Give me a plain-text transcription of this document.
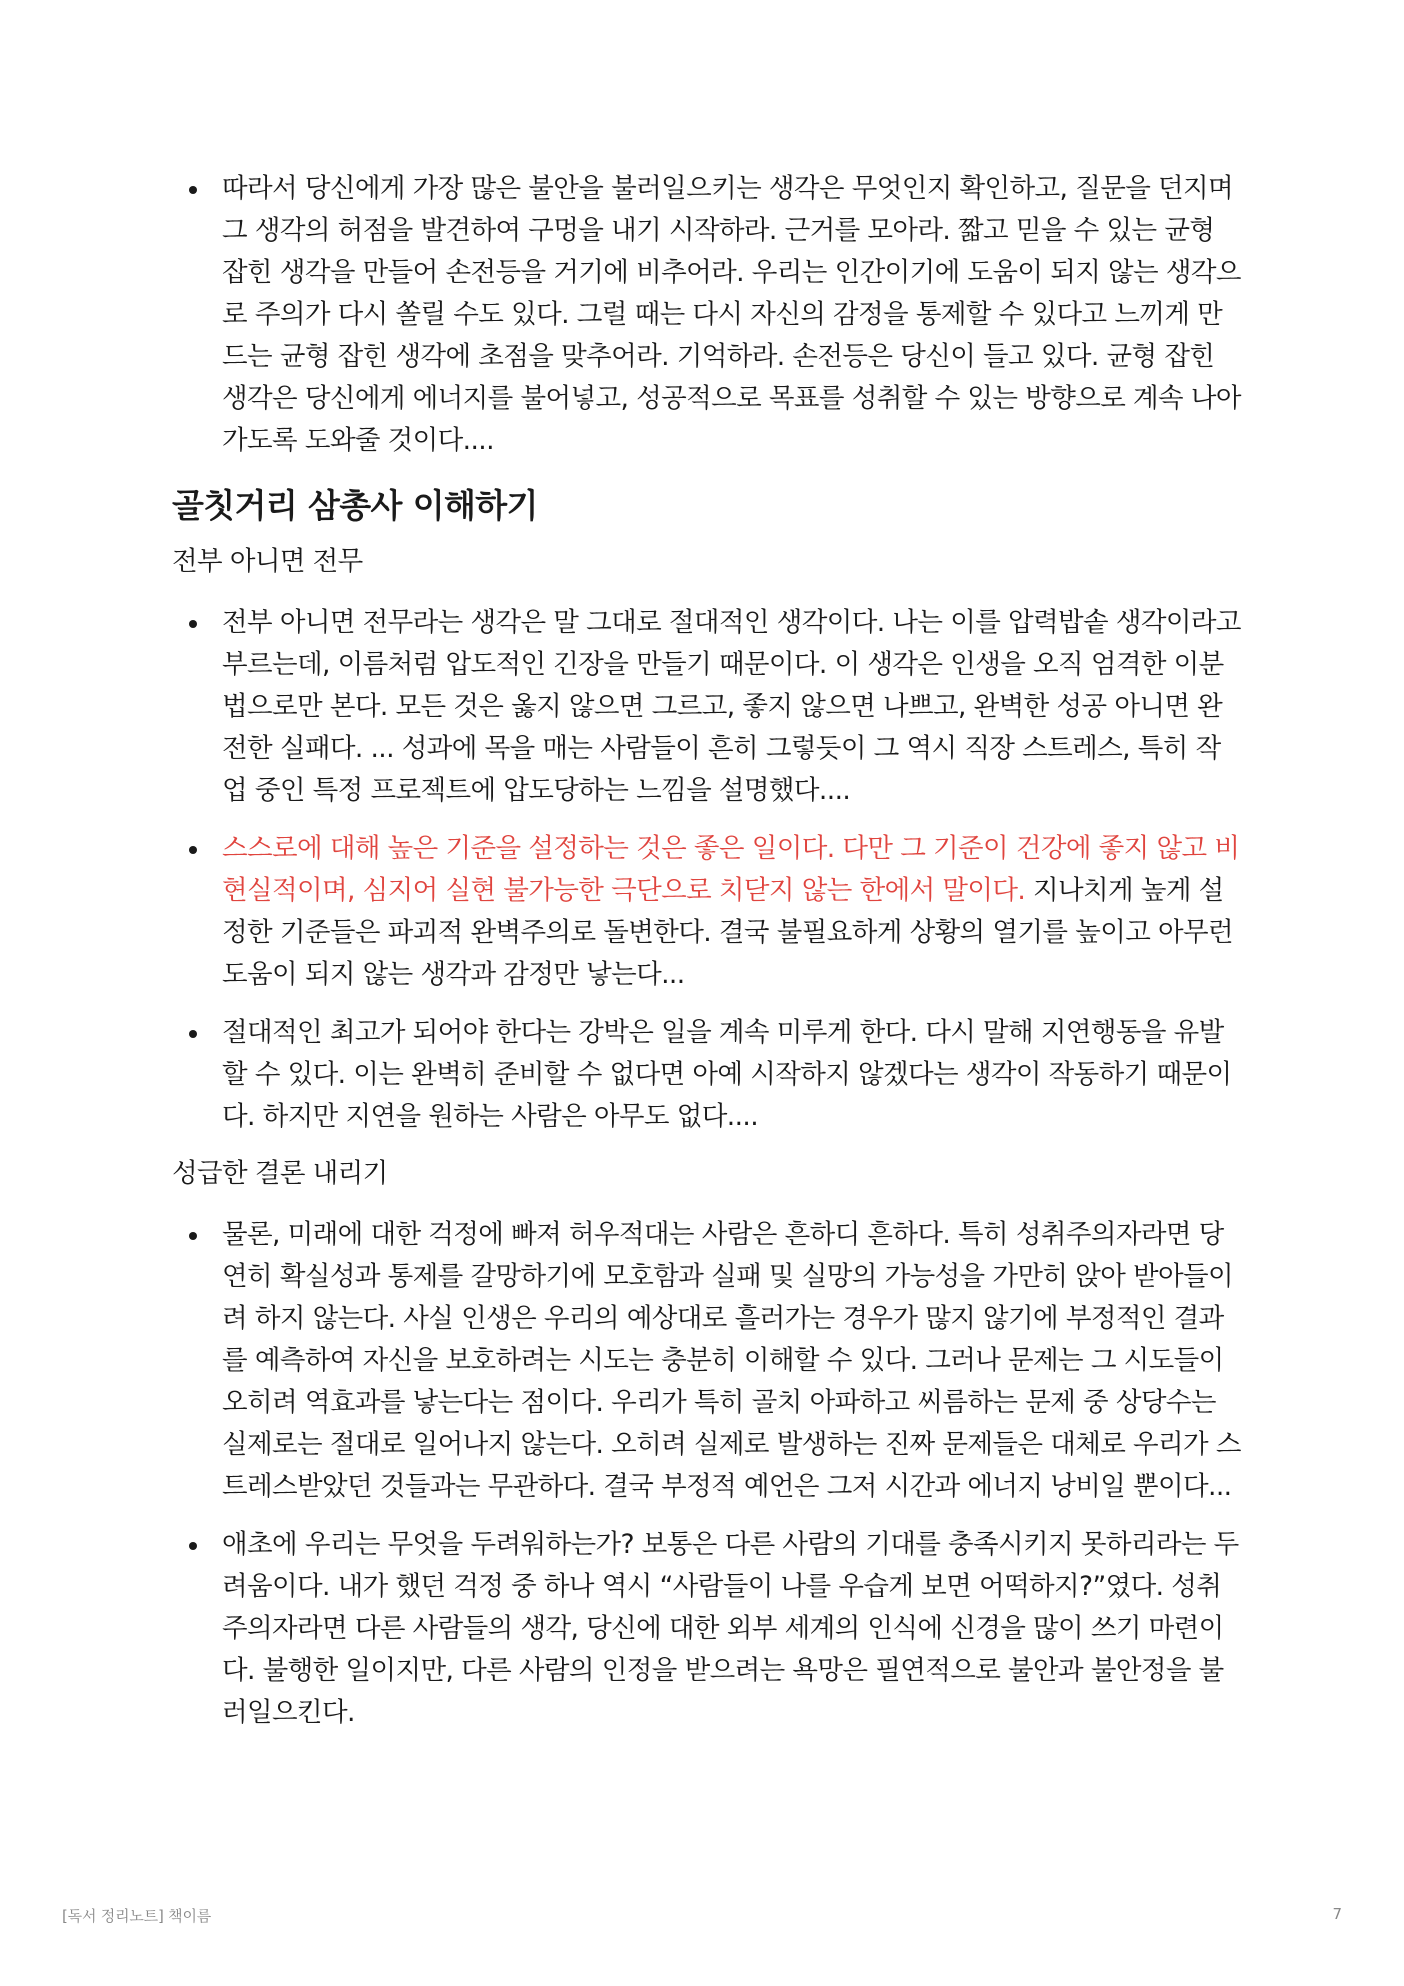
따라서 당신에게 가장 많은 불안을 불러일으키는 생각은 무엇인지 확인하고, 질문을 던지며 그 생각의 허점을 발견하여 구멍을 내기 시작하라. 근거를 모아라. 짧고 믿을 수 있는 균형 잡힌 생각을 만들어 손전등을 거기에 비추어라. 우리는 인간이기에 도움이 되지 않는 생각으로 주의가 다시 쏠릴 수도 있다. 그럴 때는 다시 자신의 감정을 통제할 수 있다고 느끼게 만드는 균형 잡힌 생각에 초점을 맞추어라. 기억하라. 손전등은 당신이 들고 있다. 균형 잡힌 생각은 당신에게 에너지를 불어넣고, 성공적으로 목표를 성취할 수 있는 방향으로 계속 나아가도록 도와줄 것이다....
골칫거리 삼총사 이해하기
전부 아니면 전무
전부 아니면 전무라는 생각은 말 그대로 절대적인 생각이다. 나는 이를 압력밥솥 생각이라고 부르는데, 이름처럼 압도적인 긴장을 만들기 때문이다. 이 생각은 인생을 오직 엄격한 이분법으로만 본다. 모든 것은 옳지 않으면 그르고, 좋지 않으면 나쁘고, 완벽한 성공 아니면 완전한 실패다. ... 성과에 목을 매는 사람들이 흔히 그렇듯이 그 역시 직장 스트레스, 특히 작업 중인 특정 프로젝트에 압도당하는 느낌을 설명했다....
스스로에 대해 높은 기준을 설정하는 것은 좋은 일이다. 다만 그 기준이 건강에 좋지 않고 비현실적이며, 심지어 실현 불가능한 극단으로 치닫지 않는 한에서 말이다. 지나치게 높게 설정한 기준들은 파괴적 완벽주의로 돌변한다. 결국 불필요하게 상황의 열기를 높이고 아무런 도움이 되지 않는 생각과 감정만 낳는다...
절대적인 최고가 되어야 한다는 강박은 일을 계속 미루게 한다. 다시 말해 지연행동을 유발할 수 있다. 이는 완벽히 준비할 수 없다면 아예 시작하지 않겠다는 생각이 작동하기 때문이다. 하지만 지연을 원하는 사람은 아무도 없다....
성급한 결론 내리기
물론, 미래에 대한 걱정에 빠져 허우적대는 사람은 흔하디 흔하다. 특히 성취주의자라면 당연히 확실성과 통제를 갈망하기에 모호함과 실패 및 실망의 가능성을 가만히 앉아 받아들이려 하지 않는다. 사실 인생은 우리의 예상대로 흘러가는 경우가 많지 않기에 부정적인 결과를 예측하여 자신을 보호하려는 시도는 충분히 이해할 수 있다. 그러나 문제는 그 시도들이 오히려 역효과를 낳는다는 점이다. 우리가 특히 골치 아파하고 씨름하는 문제 중 상당수는 실제로는 절대로 일어나지 않는다. 오히려 실제로 발생하는 진짜 문제들은 대체로 우리가 스트레스받았던 것들과는 무관하다. 결국 부정적 예언은 그저 시간과 에너지 낭비일 뿐이다...
애초에 우리는 무엇을 두려워하는가? 보통은 다른 사람의 기대를 충족시키지 못하리라는 두려움이다. 내가 했던 걱정 중 하나 역시 “사람들이 나를 우습게 보면 어떡하지?”였다. 성취주의자라면 다른 사람들의 생각, 당신에 대한 외부 세계의 인식에 신경을 많이 쓰기 마련이다. 불행한 일이지만, 다른 사람의 인정을 받으려는 욕망은 필연적으로 불안과 불안정을 불러일으킨다.
[독서 정리노트] 책이름	7
